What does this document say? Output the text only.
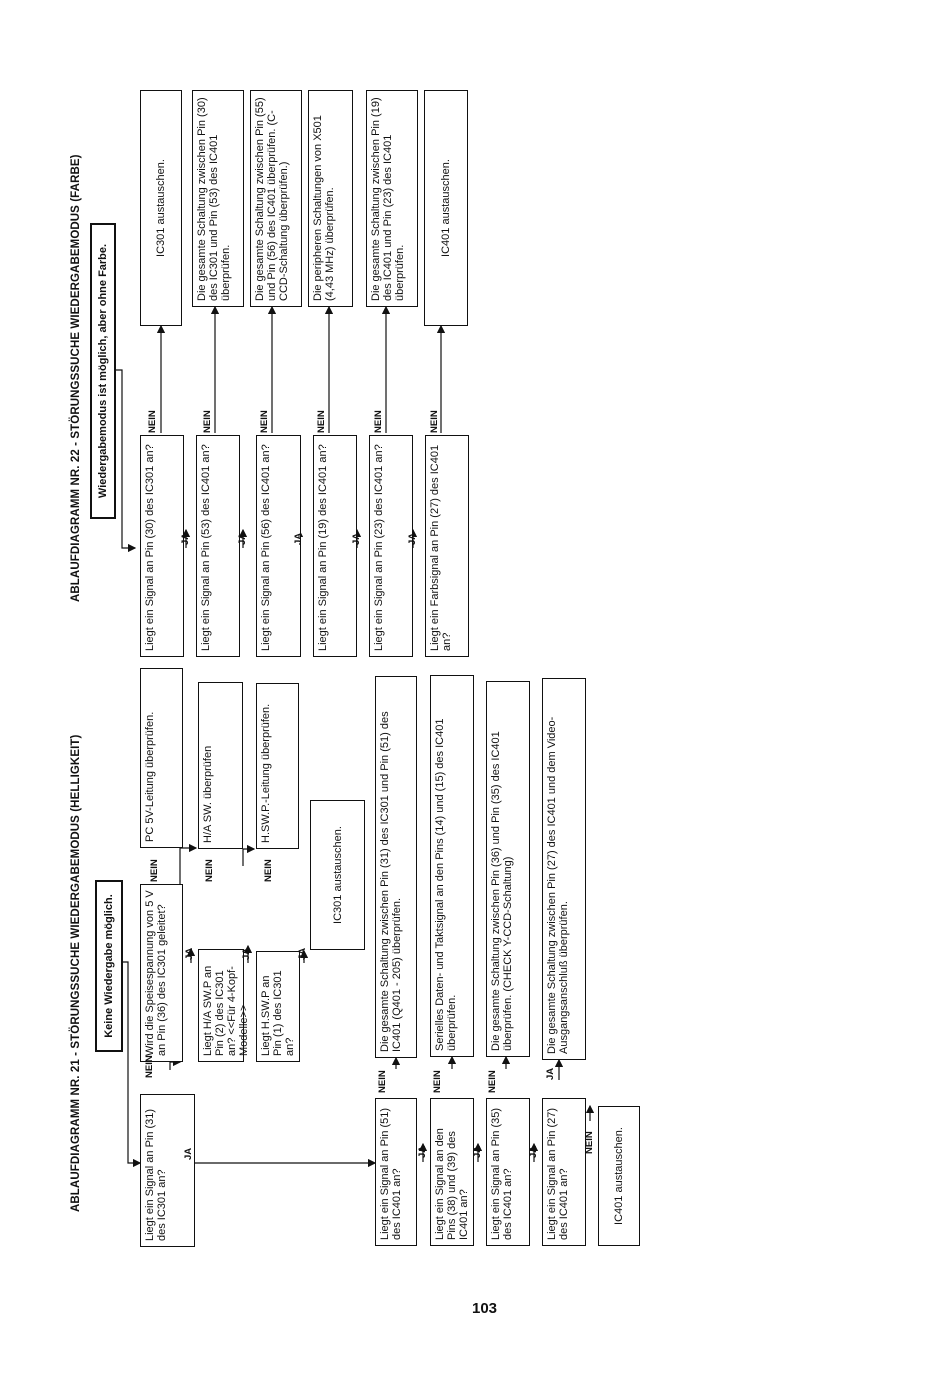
ABLAUFDIAGRAMM NR. 21 - STÖRUNGSSUCHE WIEDERGABEMODUS (HELLIGKEIT)	Keine Wiedergabe möglich.
Liegt ein Signal an Pin (31) des IC301 an?
JA
Wird die Speisespannung von 5 V an Pin (36) des IC301 geleitet?
NEIN
NEIN
PC 5V-Leitung überprüfen.
JA
Liegt H/A SW.P an Pin (2) des IC301 an? <<Für 4-Kopf-Modelle>>
NEIN
H/A SW. überprüfen
JA
Liegt H.SW.P an Pin (1) des IC301 an?
NEIN
H.SW.P.-Leitung überprüfen.
JA
IC301 austauschen.
Liegt ein Signal an Pin (51) des IC401 an?
NEIN
Die gesamte Schaltung zwischen Pin (31) des IC301 und Pin (51) des IC401 (Q401 - 205) überprüfen.
JA Liegt ein Signal an den Pins (38) und (39) des IC401 an?
NEIN
Serielles Daten- und Taktsignal an den Pins (14) und (15) des IC401 überprüfen.
JA Liegt ein Signal an Pin (35) des IC401 an?
NEIN
Die gesamte Schaltung zwischen Pin (36) und Pin (35) des IC401 überprüfen. (CHECK Y-CCD-Schaltung)
JA Liegt ein Signal an Pin (27) des IC401 an?
JA
Die gesamte Schaltung zwischen Pin (27) des IC401 und dem Video-Ausgangsanschluß überprüfen.
NEIN	IC401 austauschen.
ABLAUFDIAGRAMM NR. 22 - STÖRUNGSSUCHE WIEDERGABEMODUS (FARBE)	Wiedergabemodus ist möglich, aber ohne Farbe.
Liegt ein Signal an Pin (30) des IC301 an?
NEIN
IC301 austauschen.
JA Liegt ein Signal an Pin (53) des IC401 an?
NEIN
Die gesamte Schaltung zwischen Pin (30) des IC301 und Pin (53) des IC401 überprüfen.
JA	Liegt ein Signal an Pin (56) des IC401 an?
NEIN
Die gesamte Schaltung zwischen Pin (55) und Pin (56) des IC401 überprüfen. (C-CCD-Schaltung überprüfen.)
JA	Liegt ein Signal an Pin (19) des IC401 an?
NEIN
Die peripheren Schaltungen von X501 (4,43 MHz) überprüfen.
JA	Liegt ein Signal an Pin (23) des IC401 an?
NEIN
Die gesamte Schaltung zwischen Pin (19) des IC401 und Pin (23) des IC401 überprüfen.
JA	Liegt ein Farbsignal an Pin (27) des IC401 an?
NEIN
IC401 austauschen.
103
